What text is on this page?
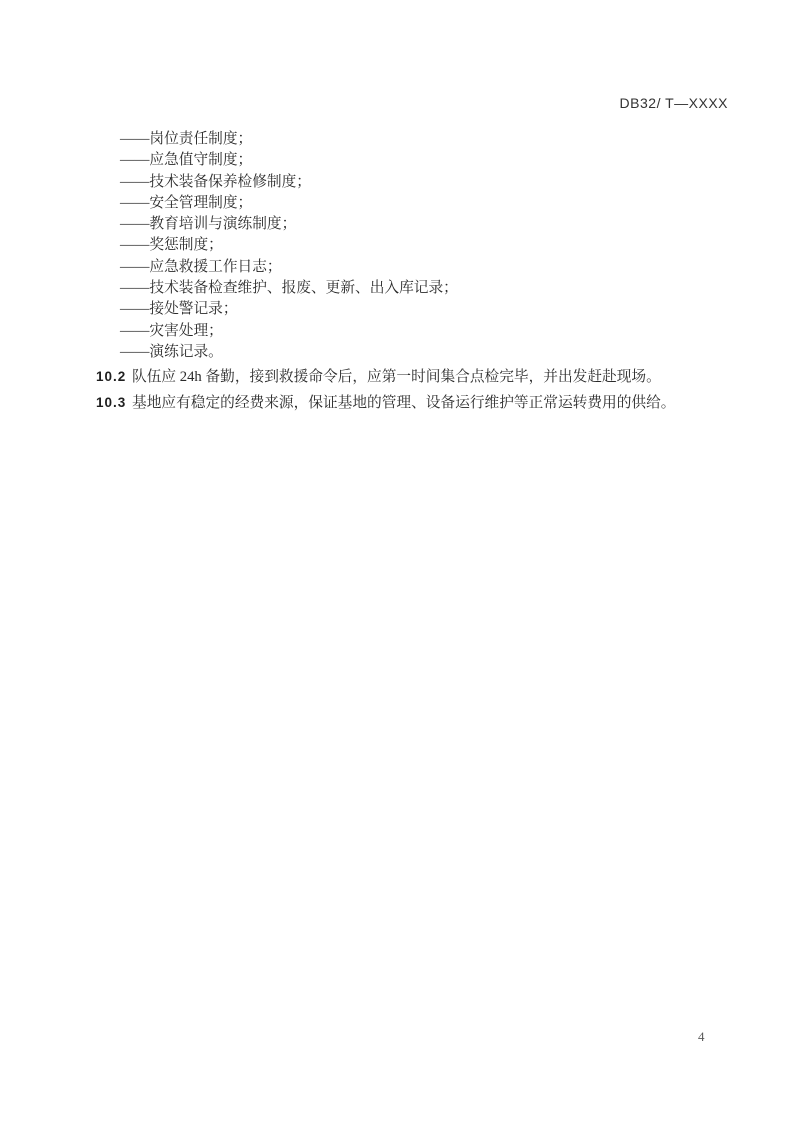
DB32/ T—XXXX
——岗位责任制度；
——应急值守制度；
——技术装备保养检修制度；
——安全管理制度；
——教育培训与演练制度；
——奖惩制度；
——应急救援工作日志；
——技术装备检查维护、报废、更新、出入库记录；
——接处警记录；
——灾害处理；
——演练记录。
10.2 队伍应 24h 备勤，接到救援命令后，应第一时间集合点检完毕，并出发赶赴现场。
10.3 基地应有稳定的经费来源，保证基地的管理、设备运行维护等正常运转费用的供给。
4
